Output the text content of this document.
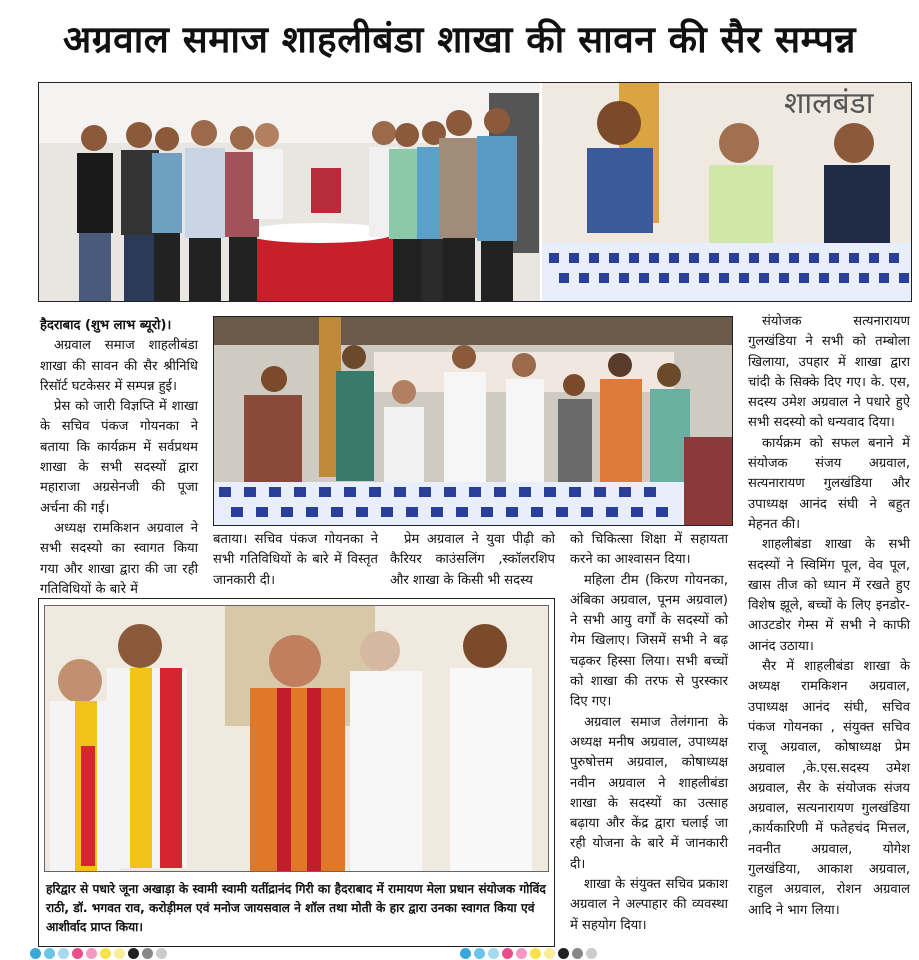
अग्रवाल समाज शाहलीबंडा शाखा की सावन की सैर सम्पन्न
शालबंडा

हैदराबाद (शुभ लाभ ब्यूरो)।

अग्रवाल समाज शाहलीबंडा शाखा की सावन की सैर श्रीनिधि रिसॉर्ट घटकेसर में सम्पन्न हुई।

प्रेस को जारी विज्ञप्ति में शाखा के सचिव पंकज गोयनका ने बताया कि कार्यक्रम में सर्वप्रथम शाखा के सभी सदस्यों द्वारा महाराजा अग्रसेनजी की पूजा अर्चना की गई।

अध्यक्ष रामकिशन अग्रवाल ने सभी सदस्यो का स्वागत किया गया और शाखा द्वारा की जा रही गतिविधियों के बारे में

बताया। सचिव पंकज गोयनका ने सभी गतिविधियों के बारे में विस्तृत जानकारी दी।

प्रेम अग्रवाल ने युवा पीढ़ी को कैरियर काउंसलिंग ,स्कॉलरशिप और शाखा के किसी भी सदस्य

को चिकित्सा शिक्षा में सहायता करने का आश्वासन दिया।

महिला टीम (किरण गोयनका, अंबिका अग्रवाल, पूनम अग्रवाल) ने सभी आयु वर्गों के सदस्यों को गेम खिलाए। जिसमें सभी ने बढ़ चढ़कर हिस्सा लिया। सभी बच्चों को शाखा की तरफ से पुरस्कार दिए गए।

अग्रवाल समाज तेलंगाना के अध्यक्ष मनीष अग्रवाल, उपाध्यक्ष पुरुषोत्तम अग्रवाल, कोषाध्यक्ष नवीन अग्रवाल ने शाहलीबंडा शाखा के सदस्यों का उत्साह बढ़ाया और केंद्र द्वारा चलाई जा रही योजना के बारे में जानकारी दी।

शाखा के संयुक्त सचिव प्रकाश अग्रवाल ने अल्पाहार की व्यवस्था में सहयोग दिया।

संयोजक सत्यनारायण गुलखंडिया ने सभी को तम्बोला खिलाया, उपहार में शाखा द्वारा चांदी के सिक्के दिए गए। के. एस, सदस्य उमेश अग्रवाल ने पधारे हुऐ सभी सदस्यो को धन्यवाद दिया।

कार्यक्रम को सफल बनाने में संयोजक संजय अग्रवाल, सत्यनारायण गुलखंडिया और उपाध्यक्ष आनंद संघी ने बहुत मेहनत की।

शाहलीबंडा शाखा के सभी सदस्यों ने स्विमिंग पूल, वेव पूल, खास तीज को ध्यान में रखते हुए विशेष झूले, बच्चों के लिए इनडोर-आउटडोर गेम्स में सभी ने काफी आनंद उठाया।

सैर में शाहलीबंडा शाखा के अध्यक्ष रामकिशन अग्रवाल, उपाध्यक्ष आनंद संघी, सचिव पंकज गोयनका , संयुक्त सचिव राजू अग्रवाल, कोषाध्यक्ष प्रेम अग्रवाल ,के.एस.सदस्य उमेश अग्रवाल, सैर के संयोजक संजय अग्रवाल, सत्यनारायण गुलखंडिया ,कार्यकारिणी में फतेहचंद मित्तल, नवनीत अग्रवाल, योगेश गुलखंडिया, आकाश अग्रवाल, राहुल अग्रवाल, रोशन अग्रवाल आदि ने भाग लिया।

हरिद्वार से पधारे जूना अखाड़ा के स्वामी स्वामी यतींद्रानंद गिरी का हैदराबाद में रामायण मेला प्रधान संयोजक गोविंद राठी, डॉ. भगवत राव, करोड़ीमल एवं मनोज जायसवाल ने शॉल तथा मोती के हार द्वारा उनका स्वागत किया एवं आशीर्वाद प्राप्त किया।
